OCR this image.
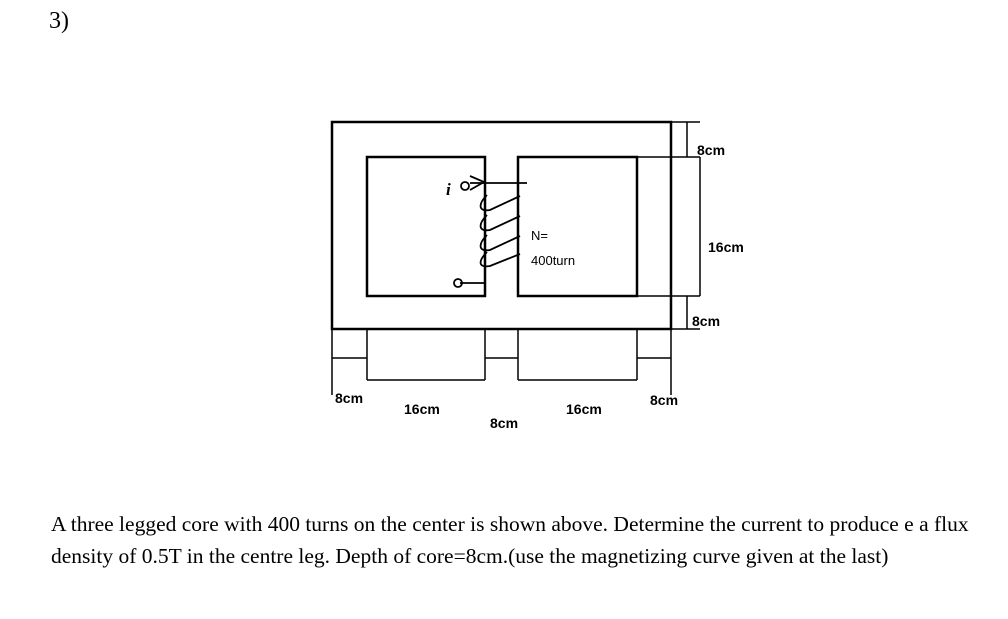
3)
i
N=
400turn
8cm
16cm
8cm
8cm
16cm
8cm
16cm
8cm

A three legged core with 400 turns on the center is shown above. Determine the current to produce e a flux density of 0.5T in the centre leg. Depth of core=8cm.(use the magnetizing curve given at the last)
